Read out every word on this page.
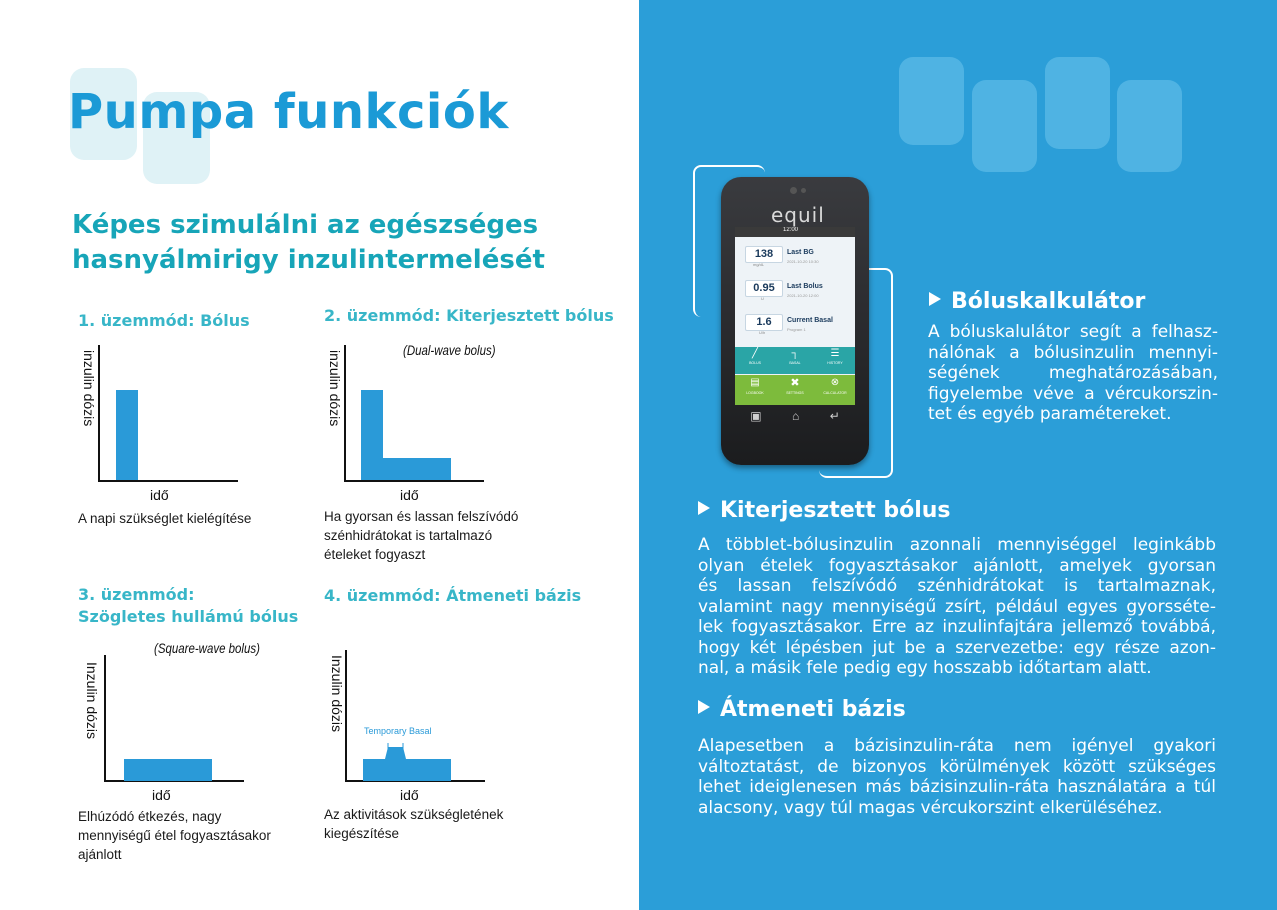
Pumpa funkciók
Képes szimulálni az egészséges
hasnyálmirigy inzulintermelését
1. üzemmód: Bólus
inzulin dózis
idő
A napi szükséglet kielégítése
2. üzemmód: Kiterjesztett bólus
(Dual-wave bolus)
inzulin dózis
idő
Ha gyorsan és lassan felszívódó
szénhidrátokat is tartalmazó
ételeket fogyaszt
3. üzemmód:
Szögletes hullámú bólus
(Square-wave bolus)
Inzulin dózis
idő
Elhúzódó étkezés, nagy
mennyiségű étel fogyasztásakor
ajánlott
4. üzemmód: Átmeneti bázis
Inzulin dózis Temporary Basal
idő
Az aktivitások szükségletének
kiegészítése
equil
12:00
138
mg/dL
Last BG
2021-10-20 10:30
0.95
U
Last Bolus
2021-10-20 12:00
1.6
U/h
Current Basal
Program 1
╱
BOLUS
┐
BASAL
☰
HISTORY
▤
LOGBOOK
✖
SETTINGS
⊗
CALCULATOR
▣	⌂	↵
Bóluskalkulátor
A bóluskalulátor segít a felhasz-
nálónak a bólusinzulin mennyi-
ségének meghatározásában,
figyelembe véve a vércukorszin-
tet és egyéb paramétereket.
Kiterjesztett bólus
A többlet-bólusinzulin azonnali mennyiséggel leginkább
olyan ételek fogyasztásakor ajánlott, amelyek gyorsan
és lassan felszívódó szénhidrátokat is tartalmaznak,
valamint nagy mennyiségű zsírt, például egyes gyorsséte-
lek fogyasztásakor. Erre az inzulinfajtára jellemző továbbá,
hogy két lépésben jut be a szervezetbe: egy része azon-
nal, a másik fele pedig egy hosszabb időtartam alatt.
Átmeneti bázis
Alapesetben a bázisinzulin-ráta nem igényel gyakori
változtatást, de bizonyos körülmények között szükséges
lehet ideiglenesen más bázisinzulin-ráta használatára a túl
alacsony, vagy túl magas vércukorszint elkerüléséhez.
